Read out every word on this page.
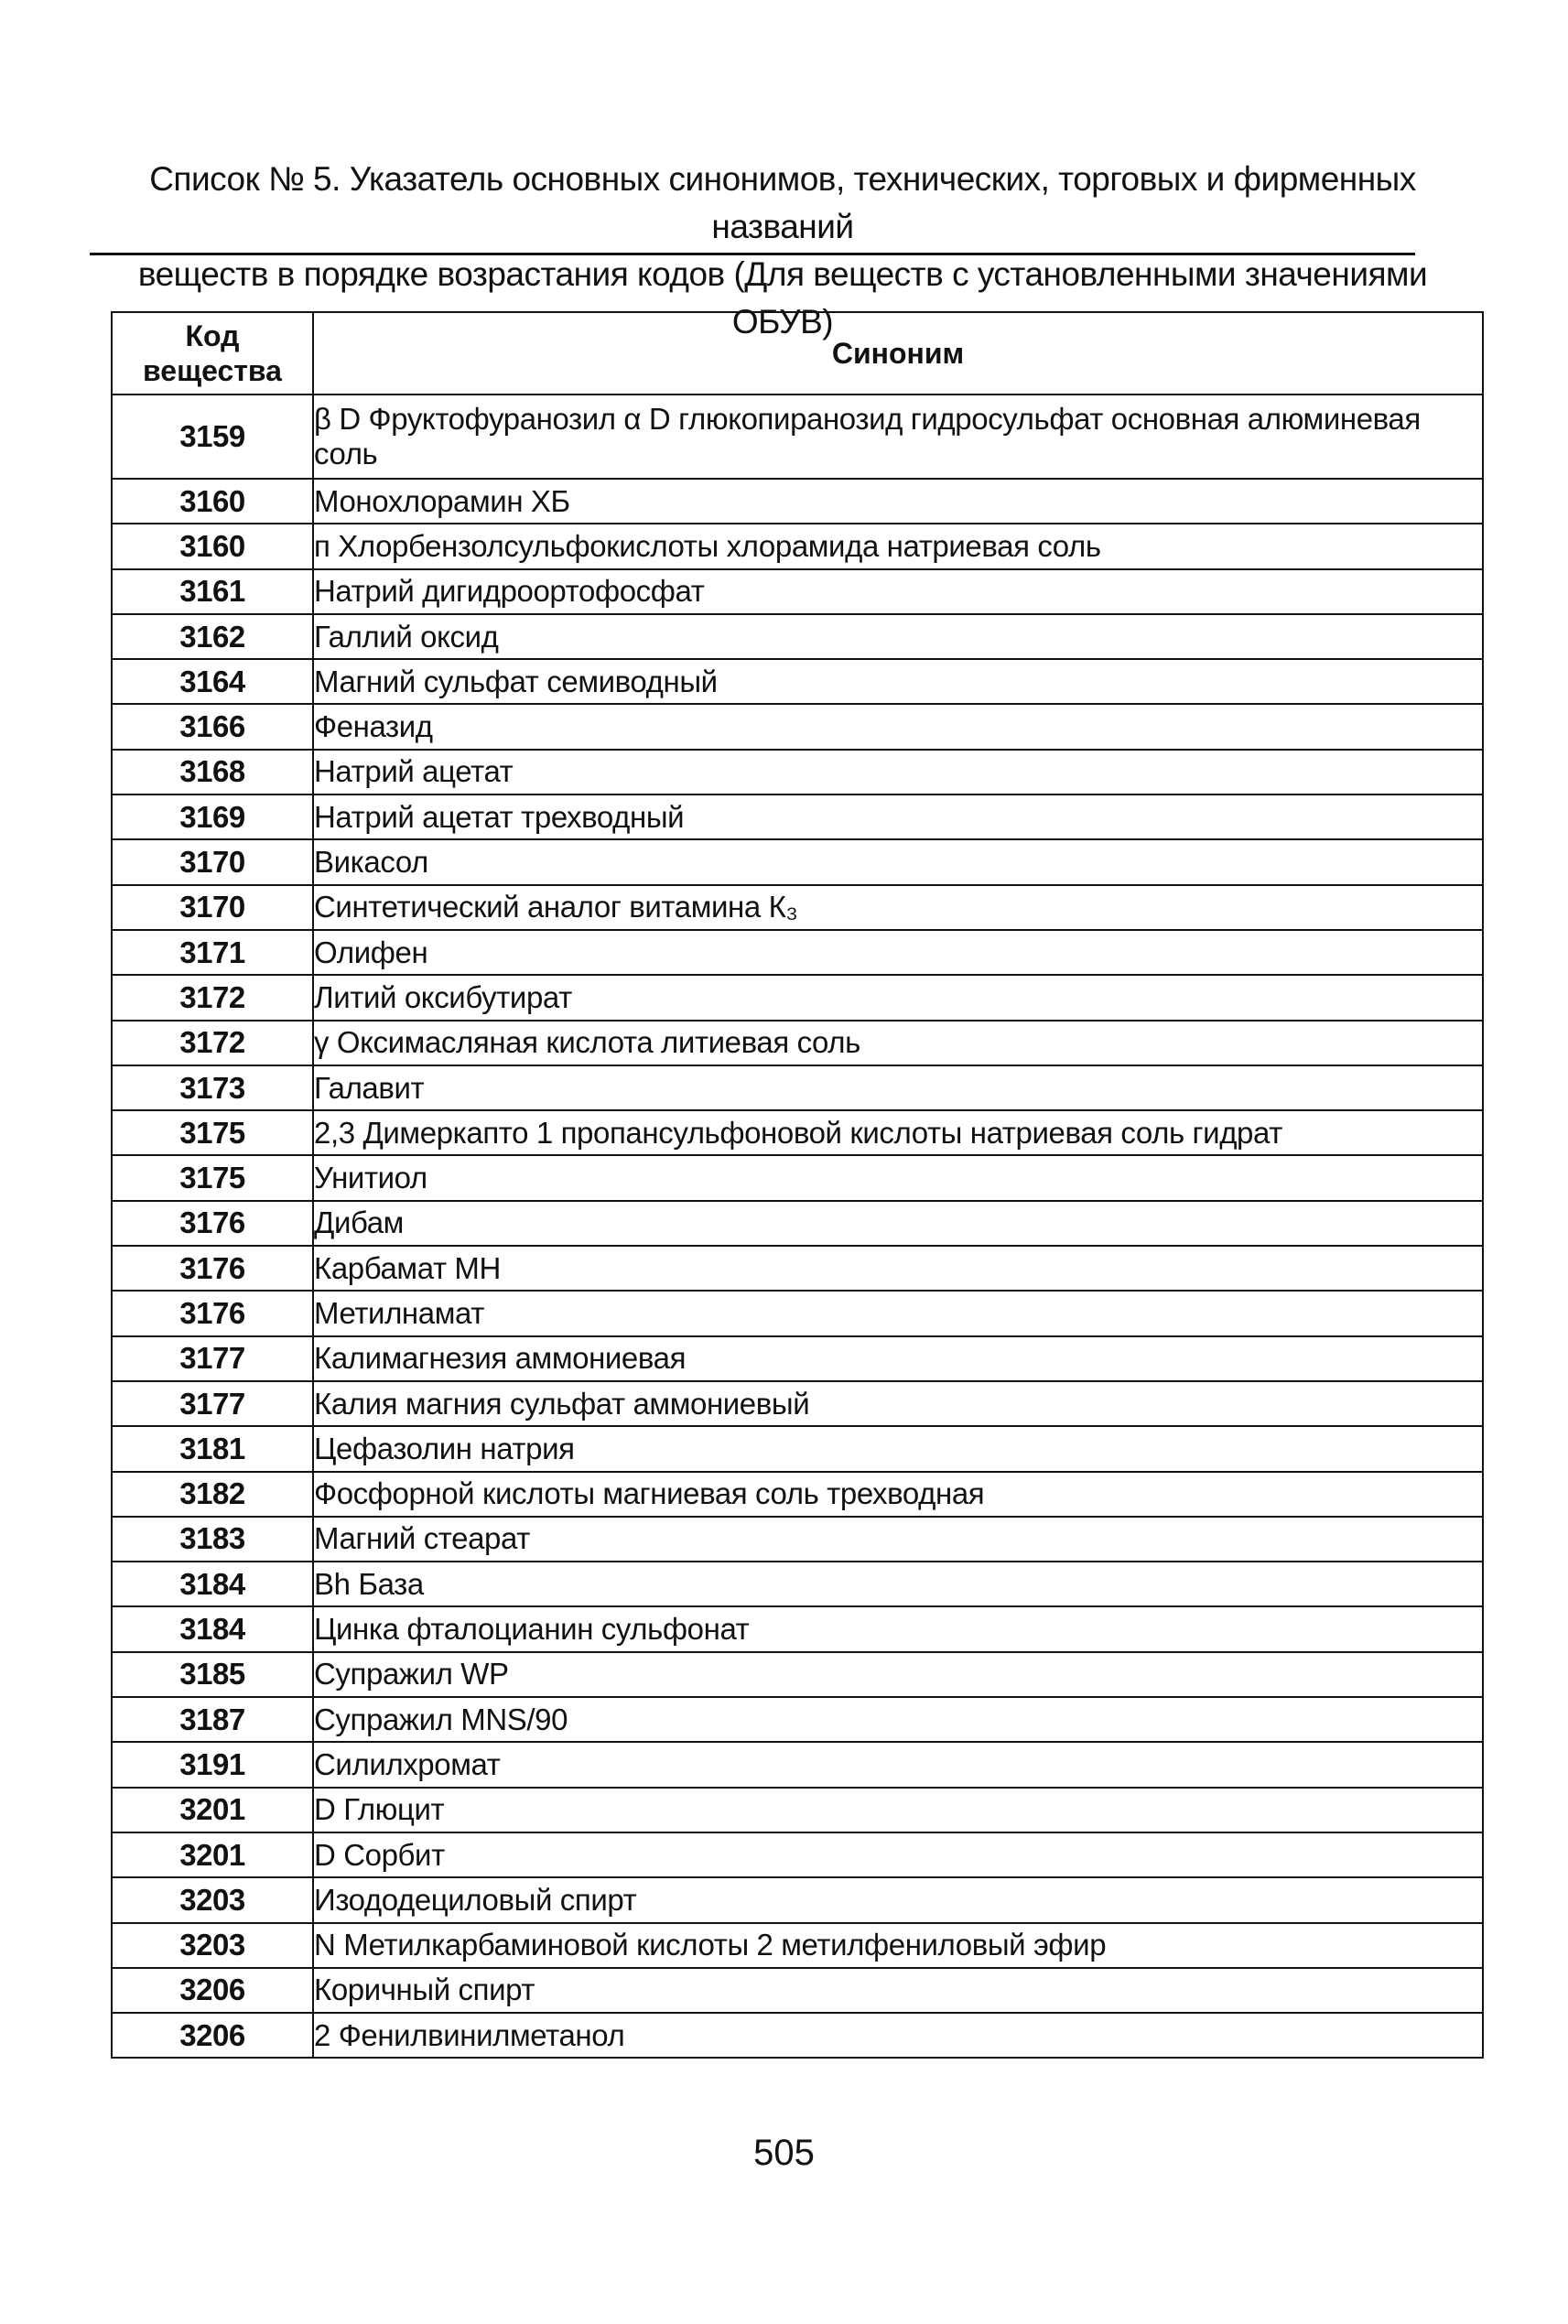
Список № 5. Указатель основных синонимов, технических, торговых и фирменных названий
веществ в порядке возрастания кодов (Для веществ с установленными значениями ОБУВ)
Код
вещества	Синоним
3159	β D Фруктофуранозил α D глюкопиранозид гидросульфат основная алюминевая соль
3160	Монохлорамин ХБ
3160	п Хлорбензолсульфокислоты хлорамида натриевая соль
3161	Натрий дигидроортофосфат
3162	Галлий оксид
3164	Магний сульфат семиводный
3166	Феназид
3168	Натрий ацетат
3169	Натрий ацетат трехводный
3170	Викасол
3170	Синтетический аналог витамина К₃
3171	Олифен
3172	Литий оксибутират
3172	γ Оксимасляная кислота литиевая соль
3173	Галавит
3175	2,3 Димеркапто 1 пропансульфоновой кислоты натриевая соль гидрат
3175	Унитиол
3176	Дибам
3176	Карбамат МН
3176	Метилнамат
3177	Калимагнезия аммониевая
3177	Калия магния сульфат аммониевый
3181	Цефазолин натрия
3182	Фосфорной кислоты магниевая соль трехводная
3183	Магний стеарат
3184	Bh База
3184	Цинка фталоцианин сульфонат
3185	Супражил WP
3187	Супражил MNS/90
3191	Силилхромат
3201	D Глюцит
3201	D Сорбит
3203	Изододециловый спирт
3203	N Метилкарбаминовой кислоты 2 метилфениловый эфир
3206	Коричный спирт
3206	2 Фенилвинилметанол
505
